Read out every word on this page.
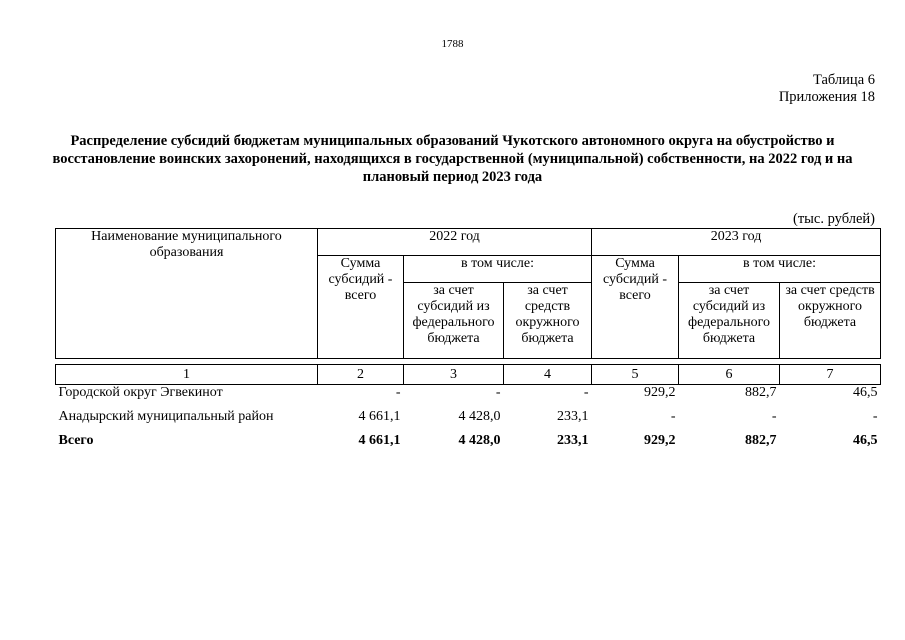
1788
Таблица 6
Приложения 18
Распределение субсидий бюджетам муниципальных образований Чукотского автономного округа на обустройство и восстановление воинских захоронений, находящихся в государственной (муниципальной) собственности, на 2022 год и на плановый период 2023 года
(тыс. рублей)
Наименование муниципального образования	2022 год			2023 год		
	Сумма субсидий - всего	в том числе:		Сумма субсидий - всего	в том числе:	
		за счет субсидий из федерального бюджета	за счет средств окружного бюджета		за счет субсидий из федерального бюджета	за счет средств окружного бюджета

1	2	3	4	5	6	7
Городской округ Эгвекинот	-	-	-	929,2	882,7	46,5
Анадырский муниципальный район	4 661,1	4 428,0	233,1	-	-	-
Всего	4 661,1	4 428,0	233,1	929,2	882,7	46,5
